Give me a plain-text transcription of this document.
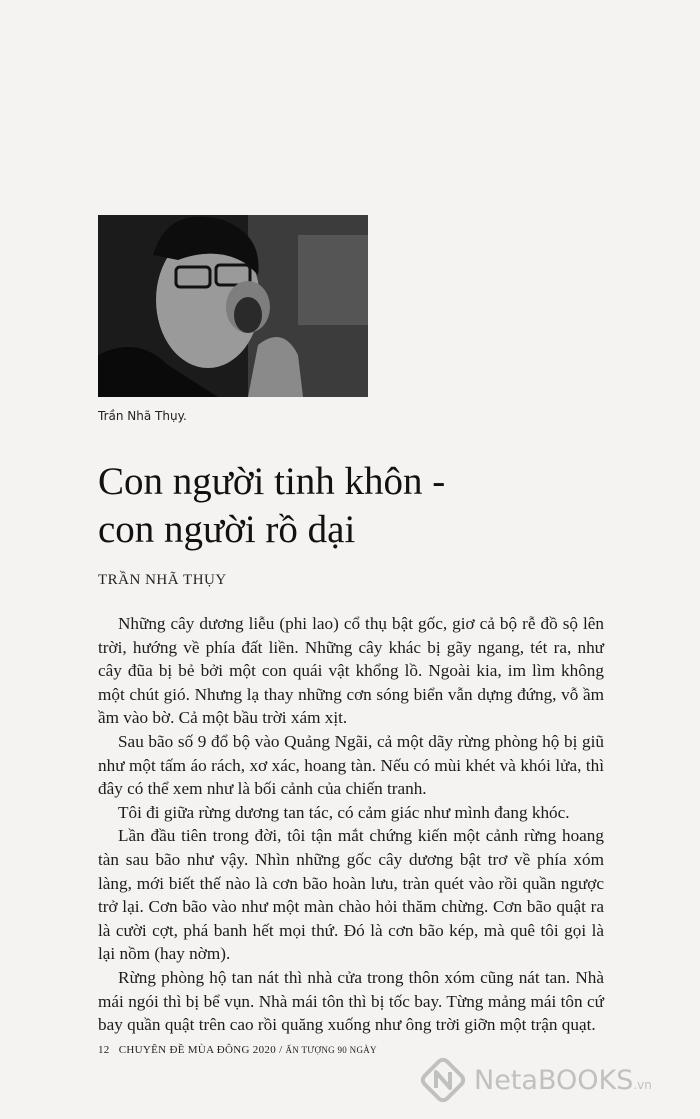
Trần Nhã Thụy.
Con người tinh khôn -
con người rồ dại
TRẦN NHÃ THỤY

Những cây dương liễu (phi lao) cổ thụ bật gốc, giơ cả bộ rễ đồ sộ lên trời, hướng về phía đất liền. Những cây khác bị gãy ngang, tét ra, như cây đũa bị bẻ bởi một con quái vật khổng lồ. Ngoài kia, im lìm không một chút gió. Nhưng lạ thay những cơn sóng biển vẫn dựng đứng, vỗ ầm ầm vào bờ. Cả một bầu trời xám xịt.

Sau bão số 9 đổ bộ vào Quảng Ngãi, cả một dãy rừng phòng hộ bị giũ như một tấm áo rách, xơ xác, hoang tàn. Nếu có mùi khét và khói lửa, thì đây có thể xem như là bối cảnh của chiến tranh.

Tôi đi giữa rừng dương tan tác, có cảm giác như mình đang khóc.

Lần đầu tiên trong đời, tôi tận mắt chứng kiến một cảnh rừng hoang tàn sau bão như vậy. Nhìn những gốc cây dương bật trơ về phía xóm làng, mới biết thế nào là cơn bão hoàn lưu, tràn quét vào rồi quần ngược trở lại. Cơn bão vào như một màn chào hỏi thăm chừng. Cơn bão quật ra là cười cợt, phá banh hết mọi thứ. Đó là cơn bão kép, mà quê tôi gọi là lại nồm (hay nờm).

Rừng phòng hộ tan nát thì nhà cửa trong thôn xóm cũng nát tan. Nhà mái ngói thì bị bể vụn. Nhà mái tôn thì bị tốc bay. Từng mảng mái tôn cứ bay quần quật trên cao rồi quăng xuống như ông trời giỡn một trận quạt.

12 CHUYÊN ĐỀ MÙA ĐÔNG 2020 / ẤN TƯỢNG 90 NGÀY
NetaBOOKS.vn
